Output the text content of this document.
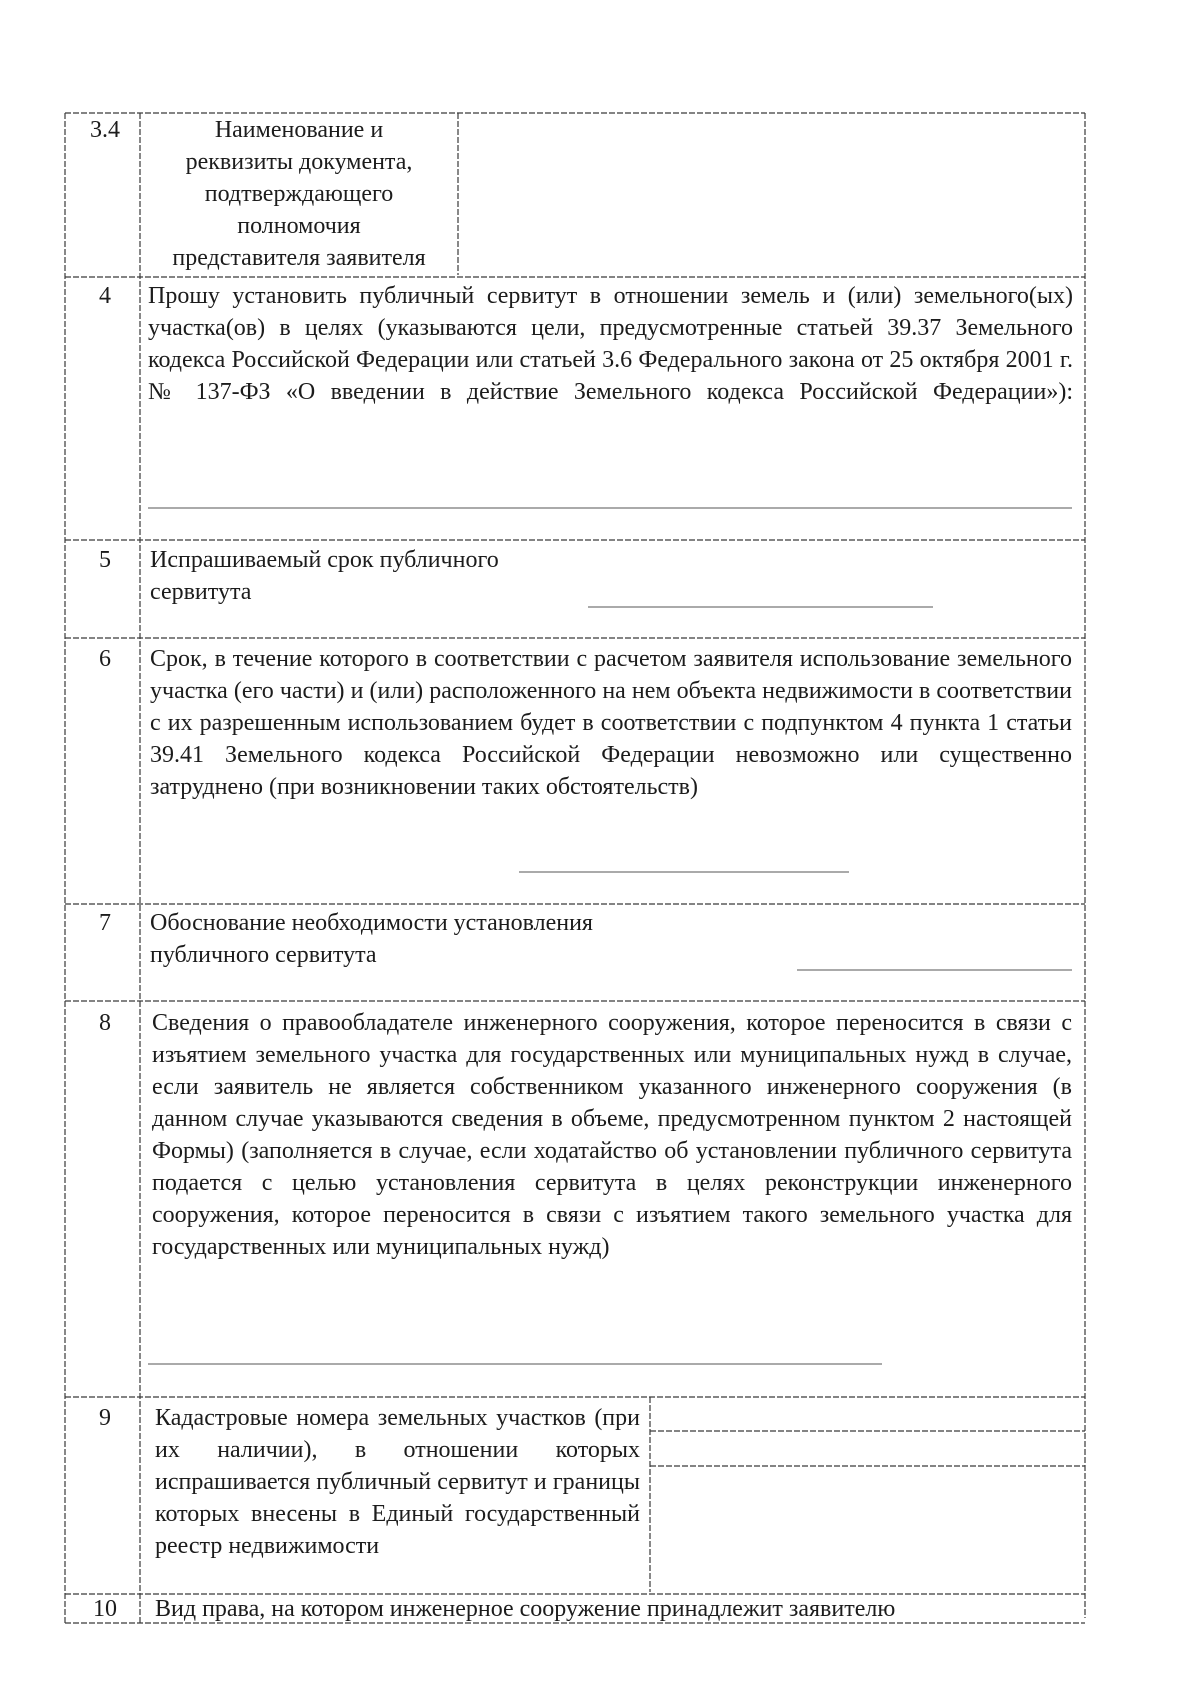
3.4	Наименование и
реквизиты документа,
подтверждающего
полномочия
представителя заявителя
4	Прошу установить публичный сервитут в отношении земель и (или) земельного(ых) участка(ов) в целях (указываются цели, предусмотренные статьей 39.37 Земельного кодекса Российской Федерации или статьей 3.6 Федерального закона от 25 октября 2001 г. № 137-ФЗ «О введении в действие Земельного кодекса Российской Федерации»):
5	Испрашиваемый срок публичного
сервитута
6	Срок, в течение которого в соответствии с расчетом заявителя использование земельного участка (его части) и (или) расположенного на нем объекта недвижимости в соответствии с их разрешенным использованием будет в соответствии с подпунктом 4 пункта 1 статьи 39.41 Земельного кодекса Российской Федерации невозможно или существенно затруднено (при возникновении таких обстоятельств)
7	Обоснование необходимости установления
публичного сервитута
8	Сведения о правообладателе инженерного сооружения, которое переносится в связи с изъятием земельного участка для государственных или муниципальных нужд в случае, если заявитель не является собственником указанного инженерного сооружения (в данном случае указываются сведения в объеме, предусмотренном пунктом 2 настоящей Формы) (заполняется в случае, если ходатайство об установлении публичного сервитута подается с целью установления сервитута в целях реконструкции инженерного сооружения, которое переносится в связи с изъятием такого земельного участка для государственных или муниципальных нужд)
9	Кадастровые номера земельных участков (при их наличии), в отношении которых испрашивается публичный сервитут и границы которых внесены в Единый государственный реестр недвижимости
10	Вид права, на котором инженерное сооружение принадлежит заявителю
